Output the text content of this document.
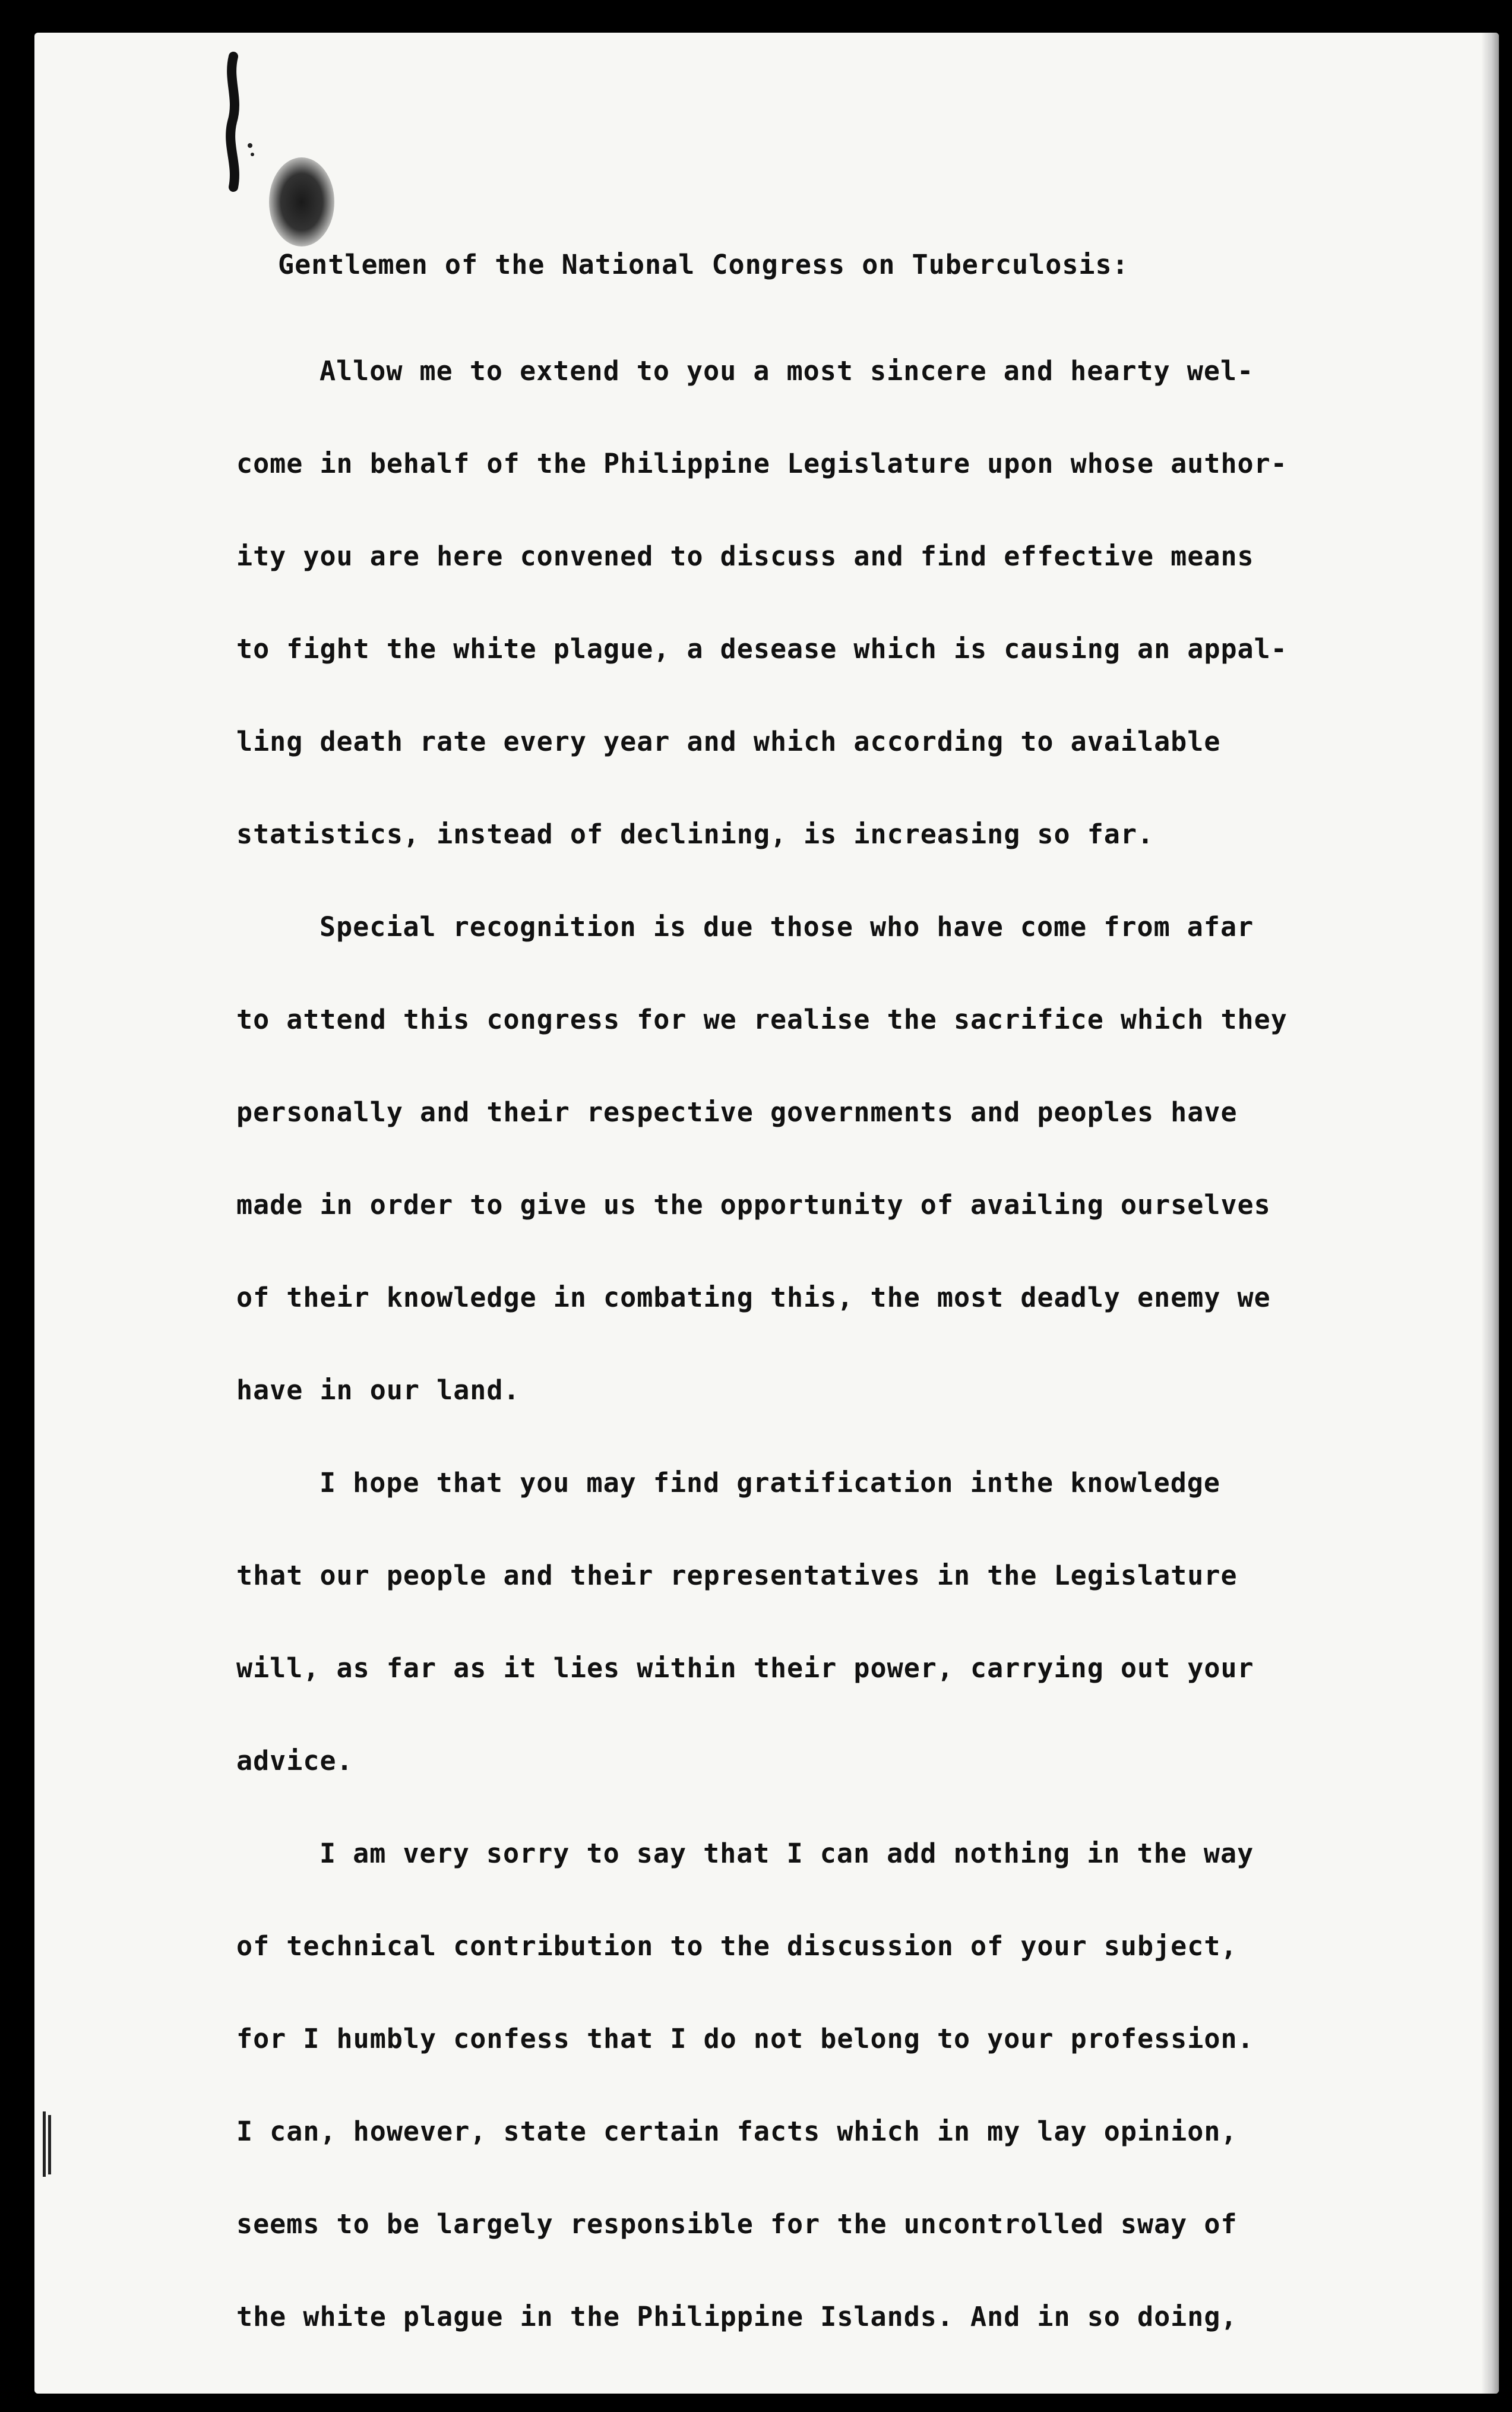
Gentlemen of the National Congress on Tuberculosis:
Allow me to extend to you a most sincere and hearty wel-
come in behalf of the Philippine Legislature upon whose author-
ity you are here convened to discuss and find effective means
to fight the white plague, a desease which is causing an appal-
ling death rate every year and which according to available
statistics, instead of declining, is increasing so far.
Special recognition is due those who have come from afar
to attend this congress for we realise the sacrifice which they
personally and their respective governments and peoples have
made in order to give us the opportunity of availing ourselves
of their knowledge in combating this, the most deadly enemy we
have in our land.
I hope that you may find gratification inthe knowledge
that our people and their representatives in the Legislature
will, as far as it lies within their power, carrying out your
advice.
I am very sorry to say that I can add nothing in the way
of technical contribution to the discussion of your subject,
for I humbly confess that I do not belong to your profession.
I can, however, state certain facts which in my lay opinion,
seems to be largely responsible for the uncontrolled sway of
the white plague in the Philippine Islands. And in so doing,
